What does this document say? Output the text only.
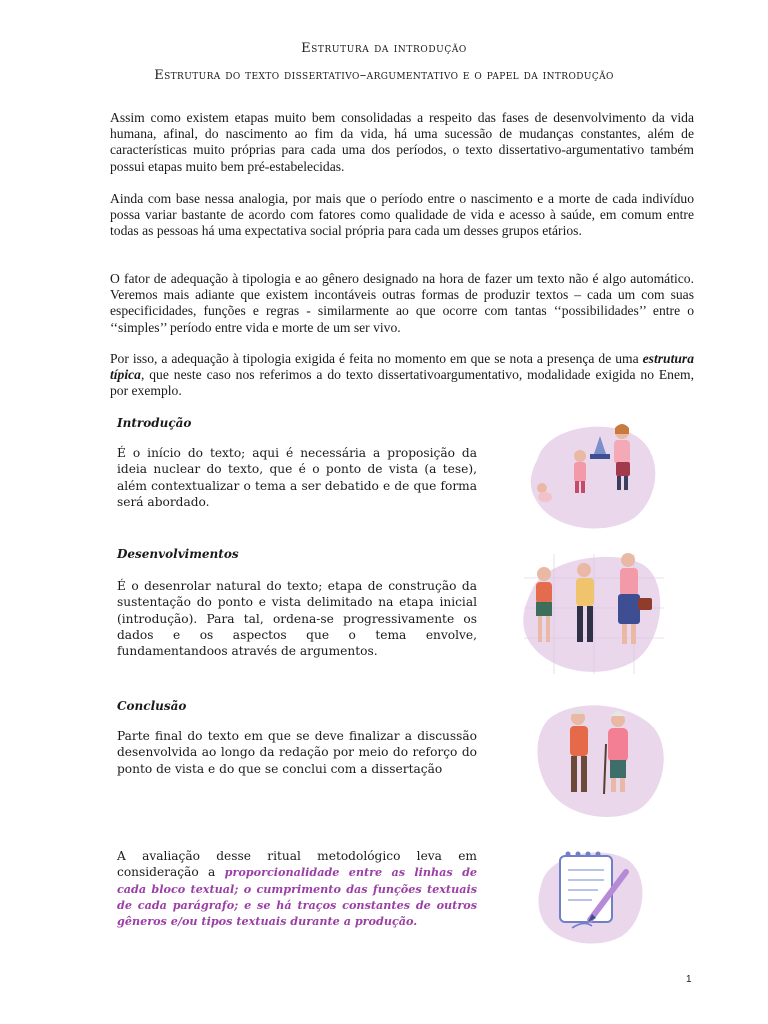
Estrutura da introdução
Estrutura do texto dissertativo–argumentativo e o papel da introdução
Assim como existem etapas muito bem consolidadas a respeito das fases de desenvolvimento da vida humana, afinal, do nascimento ao fim da vida, há uma sucessão de mudanças constantes, além de características muito próprias para cada uma dos períodos, o texto dissertativo-argumentativo também possui etapas muito bem pré-estabelecidas.
Ainda com base nessa analogia, por mais que o período entre o nascimento e a morte de cada indivíduo possa variar bastante de acordo com fatores como qualidade de vida e acesso à saúde, em comum entre todas as pessoas há uma expectativa social própria para cada um desses grupos etários.
O fator de adequação à tipologia e ao gênero designado na hora de fazer um texto não é algo automático. Veremos mais adiante que existem incontáveis outras formas de produzir textos – cada um com suas especificidades, funções e regras - similarmente ao que ocorre com tantas ‘‘possibilidades’’ entre o ‘‘simples’’ período entre vida e morte de um ser vivo.
Por isso, a adequação à tipologia exigida é feita no momento em que se nota a presença de uma estrutura típica, que neste caso nos referimos a do texto dissertativoargumentativo, modalidade exigida no Enem, por exemplo.
Introdução
É o início do texto; aqui é necessária a proposição da ideia nuclear do texto, que é o ponto de vista (a tese), além contextualizar o tema a ser debatido e de que forma será abordado.
Desenvolvimentos
É o desenrolar natural do texto; etapa de construção da sustentação do ponto e vista delimitado na etapa inicial (introdução). Para tal, ordena-se progressivamente os dados e os aspectos que o tema envolve, fundamentandoos através de argumentos.
Conclusão
Parte final do texto em que se deve finalizar a discussão desenvolvida ao longo da redação por meio do reforço do ponto de vista e do que se conclui com a dissertação
A avaliação desse ritual metodológico leva em consideração a proporcionalidade entre as linhas de cada bloco textual; o cumprimento das funções textuais de cada parágrafo; e se há traços constantes de outros gêneros e/ou tipos textuais durante a produção.
1
